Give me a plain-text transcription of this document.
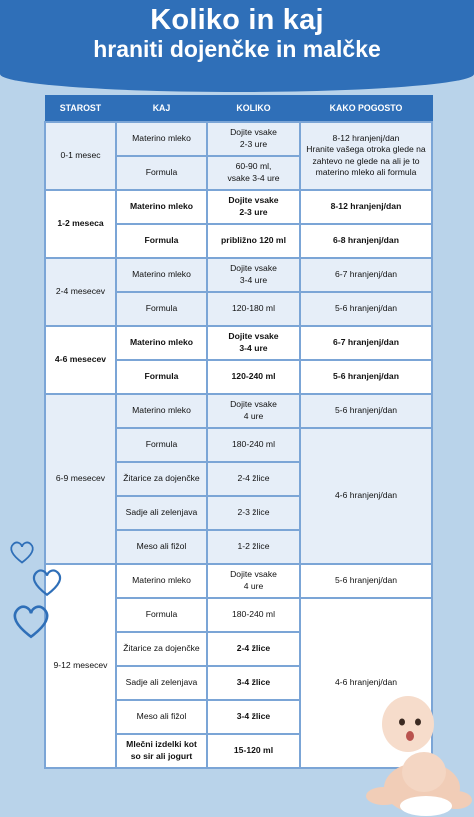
Koliko in kaj
hraniti dojenčke in malčke
STAROST	KAJ	KOLIKO	KAKO POGOSTO
0-1 mesec	Materino mleko	Dojite vsake
2-3 ure	8-12 hranjenj/dan
Hranite vašega otroka glede na zahtevo ne glede na ali je to materino mleko ali formula
	Formula	60-90 ml,
vsake 3-4 ure	
1-2 meseca	Materino mleko	Dojite vsake
2-3 ure	8-12 hranjenj/dan
	Formula	približno 120 ml	6-8 hranjenj/dan
2-4 mesecev	Materino mleko	Dojite vsake
3-4 ure	6-7 hranjenj/dan
	Formula	120-180 ml	5-6 hranjenj/dan
4-6 mesecev	Materino mleko	Dojite vsake
3-4 ure	6-7 hranjenj/dan
	Formula	120-240 ml	5-6 hranjenj/dan
6-9 mesecev	Materino mleko	Dojite vsake
4 ure	5-6 hranjenj/dan
	Formula	180-240 ml	4-6 hranjenj/dan
	Žitarice za dojenčke	2-4 žlice	
	Sadje ali zelenjava	2-3 žlice	
	Meso ali fižol	1-2 žlice	
9-12 mesecev	Materino mleko	Dojite vsake
4 ure	5-6 hranjenj/dan
	Formula	180-240 ml	4-6 hranjenj/dan
	Žitarice za dojenčke	2-4 žlice	
	Sadje ali zelenjava	3-4 žlice	
	Meso ali fižol	3-4 žlice	
	Mlečni izdelki kot
so sir ali jogurt	15-120 ml	
